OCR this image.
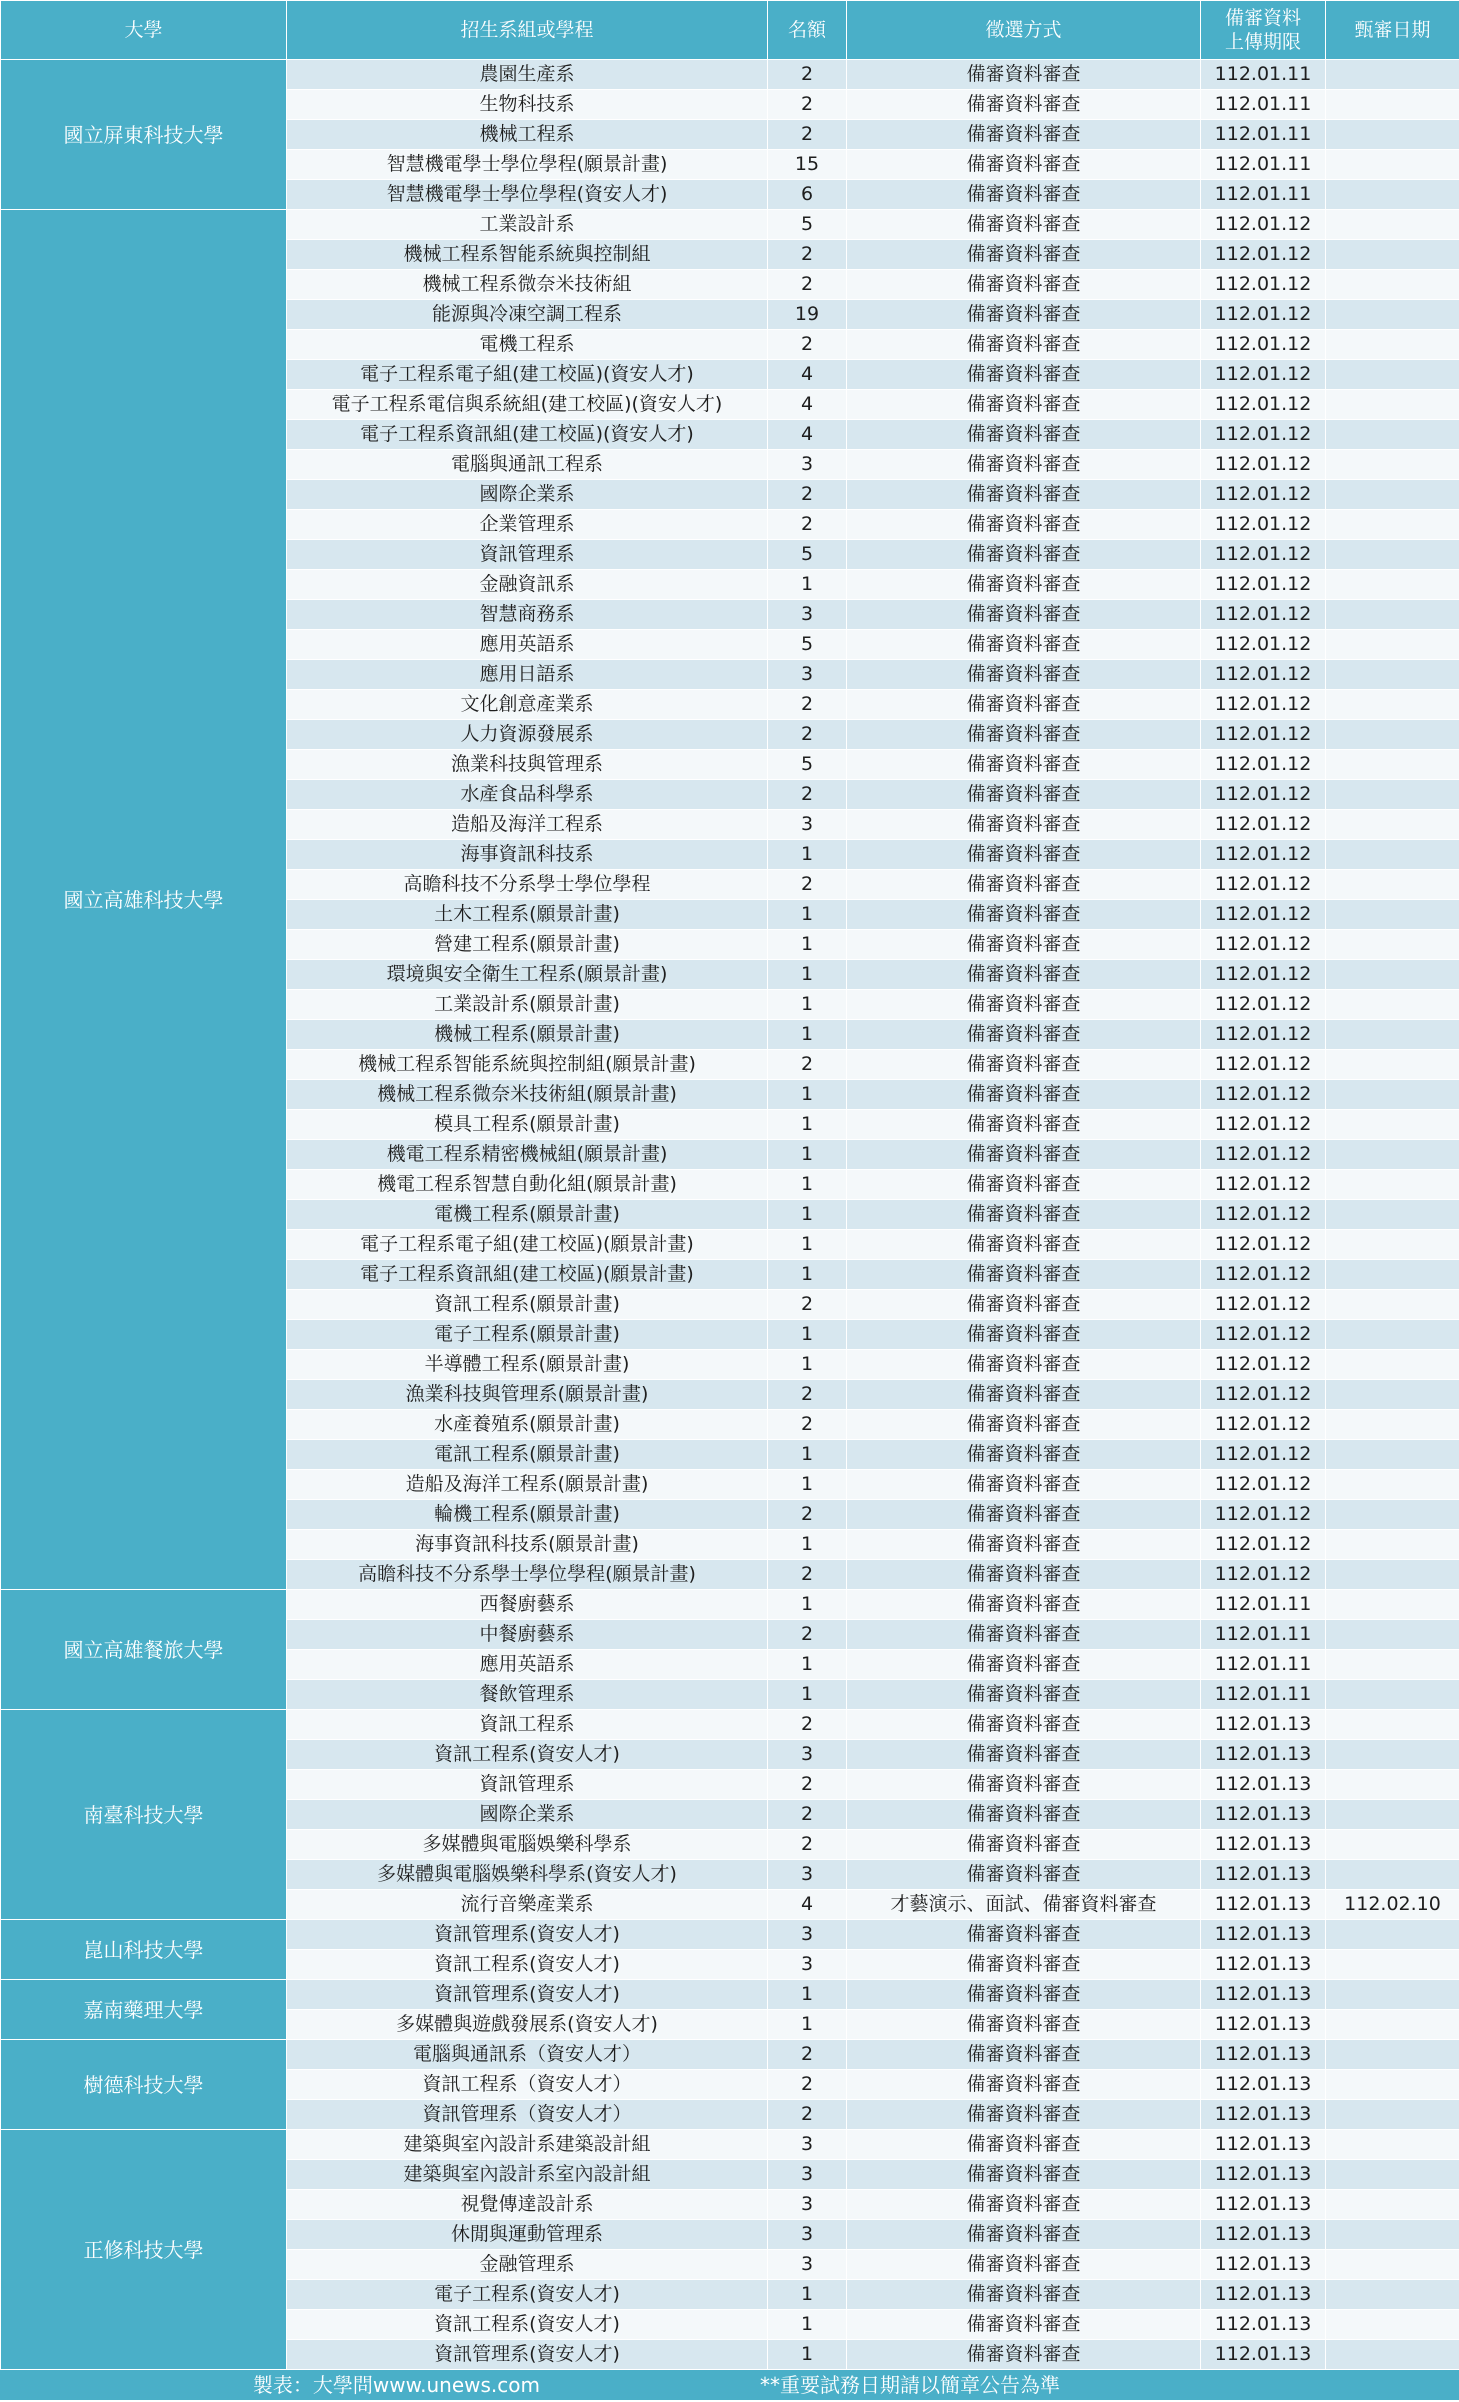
大學	招生系組或學程	名額	徵選方式	備審資料
上傳期限	甄審日期
國立屏東科技大學	農園生產系	2	備審資料審查	112.01.11	
	生物科技系	2	備審資料審查	112.01.11	
	機械工程系	2	備審資料審查	112.01.11	
	智慧機電學士學位學程(願景計畫)	15	備審資料審查	112.01.11	
	智慧機電學士學位學程(資安人才)	6	備審資料審查	112.01.11	
國立高雄科技大學	工業設計系	5	備審資料審查	112.01.12	
	機械工程系智能系統與控制組	2	備審資料審查	112.01.12	
	機械工程系微奈米技術組	2	備審資料審查	112.01.12	
	能源與冷凍空調工程系	19	備審資料審查	112.01.12	
	電機工程系	2	備審資料審查	112.01.12	
	電子工程系電子組(建工校區)(資安人才)	4	備審資料審查	112.01.12	
	電子工程系電信與系統組(建工校區)(資安人才)	4	備審資料審查	112.01.12	
	電子工程系資訊組(建工校區)(資安人才)	4	備審資料審查	112.01.12	
	電腦與通訊工程系	3	備審資料審查	112.01.12	
	國際企業系	2	備審資料審查	112.01.12	
	企業管理系	2	備審資料審查	112.01.12	
	資訊管理系	5	備審資料審查	112.01.12	
	金融資訊系	1	備審資料審查	112.01.12	
	智慧商務系	3	備審資料審查	112.01.12	
	應用英語系	5	備審資料審查	112.01.12	
	應用日語系	3	備審資料審查	112.01.12	
	文化創意產業系	2	備審資料審查	112.01.12	
	人力資源發展系	2	備審資料審查	112.01.12	
	漁業科技與管理系	5	備審資料審查	112.01.12	
	水產食品科學系	2	備審資料審查	112.01.12	
	造船及海洋工程系	3	備審資料審查	112.01.12	
	海事資訊科技系	1	備審資料審查	112.01.12	
	高瞻科技不分系學士學位學程	2	備審資料審查	112.01.12	
	土木工程系(願景計畫)	1	備審資料審查	112.01.12	
	營建工程系(願景計畫)	1	備審資料審查	112.01.12	
	環境與安全衛生工程系(願景計畫)	1	備審資料審查	112.01.12	
	工業設計系(願景計畫)	1	備審資料審查	112.01.12	
	機械工程系(願景計畫)	1	備審資料審查	112.01.12	
	機械工程系智能系統與控制組(願景計畫)	2	備審資料審查	112.01.12	
	機械工程系微奈米技術組(願景計畫)	1	備審資料審查	112.01.12	
	模具工程系(願景計畫)	1	備審資料審查	112.01.12	
	機電工程系精密機械組(願景計畫)	1	備審資料審查	112.01.12	
	機電工程系智慧自動化組(願景計畫)	1	備審資料審查	112.01.12	
	電機工程系(願景計畫)	1	備審資料審查	112.01.12	
	電子工程系電子組(建工校區)(願景計畫)	1	備審資料審查	112.01.12	
	電子工程系資訊組(建工校區)(願景計畫)	1	備審資料審查	112.01.12	
	資訊工程系(願景計畫)	2	備審資料審查	112.01.12	
	電子工程系(願景計畫)	1	備審資料審查	112.01.12	
	半導體工程系(願景計畫)	1	備審資料審查	112.01.12	
	漁業科技與管理系(願景計畫)	2	備審資料審查	112.01.12	
	水產養殖系(願景計畫)	2	備審資料審查	112.01.12	
	電訊工程系(願景計畫)	1	備審資料審查	112.01.12	
	造船及海洋工程系(願景計畫)	1	備審資料審查	112.01.12	
	輪機工程系(願景計畫)	2	備審資料審查	112.01.12	
	海事資訊科技系(願景計畫)	1	備審資料審查	112.01.12	
	高瞻科技不分系學士學位學程(願景計畫)	2	備審資料審查	112.01.12	
國立高雄餐旅大學	西餐廚藝系	1	備審資料審查	112.01.11	
	中餐廚藝系	2	備審資料審查	112.01.11	
	應用英語系	1	備審資料審查	112.01.11	
	餐飲管理系	1	備審資料審查	112.01.11	
南臺科技大學	資訊工程系	2	備審資料審查	112.01.13	
	資訊工程系(資安人才)	3	備審資料審查	112.01.13	
	資訊管理系	2	備審資料審查	112.01.13	
	國際企業系	2	備審資料審查	112.01.13	
	多媒體與電腦娛樂科學系	2	備審資料審查	112.01.13	
	多媒體與電腦娛樂科學系(資安人才)	3	備審資料審查	112.01.13	
	流行音樂產業系	4	才藝演示、面試、備審資料審查	112.01.13	112.02.10
崑山科技大學	資訊管理系(資安人才)	3	備審資料審查	112.01.13	
	資訊工程系(資安人才)	3	備審資料審查	112.01.13	
嘉南藥理大學	資訊管理系(資安人才)	1	備審資料審查	112.01.13	
	多媒體與遊戲發展系(資安人才)	1	備審資料審查	112.01.13	
樹德科技大學	電腦與通訊系（資安人才）	2	備審資料審查	112.01.13	
	資訊工程系（資安人才）	2	備審資料審查	112.01.13	
	資訊管理系（資安人才）	2	備審資料審查	112.01.13	
正修科技大學	建築與室內設計系建築設計組	3	備審資料審查	112.01.13	
	建築與室內設計系室內設計組	3	備審資料審查	112.01.13	
	視覺傳達設計系	3	備審資料審查	112.01.13	
	休閒與運動管理系	3	備審資料審查	112.01.13	
	金融管理系	3	備審資料審查	112.01.13	
	電子工程系(資安人才)	1	備審資料審查	112.01.13	
	資訊工程系(資安人才)	1	備審資料審查	112.01.13	
	資訊管理系(資安人才)	1	備審資料審查	112.01.13	
製表：大學問www.unews.com	**重要試務日期請以簡章公告為準
